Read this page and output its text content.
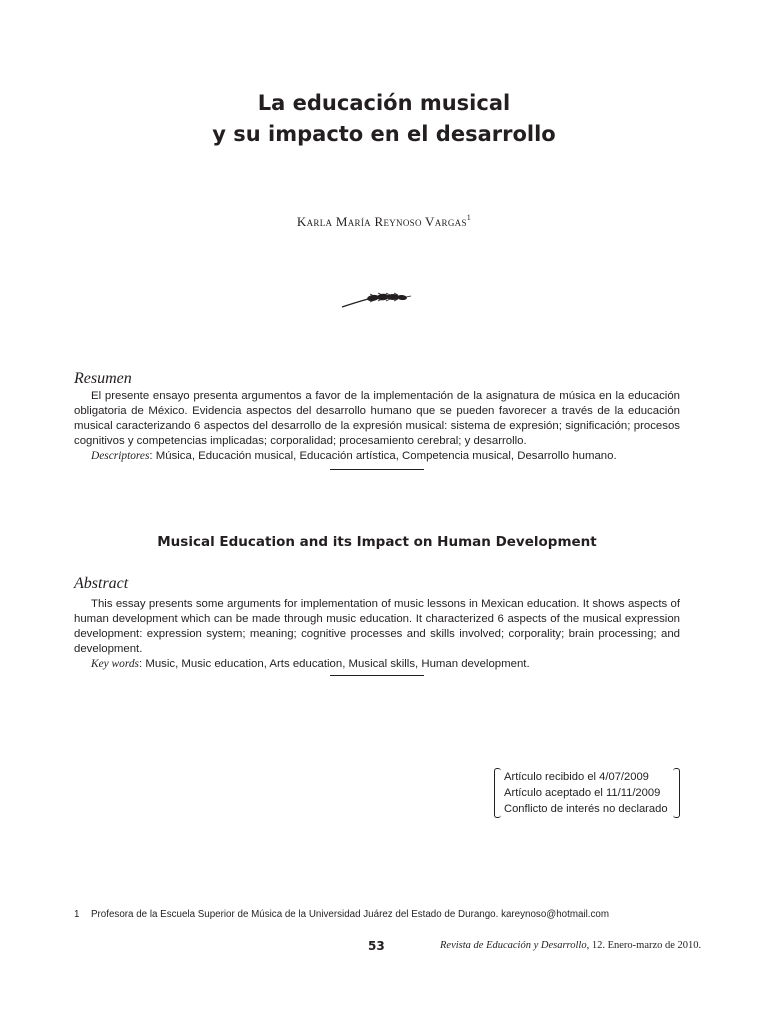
La educación musical
y su impacto en el desarrollo
Karla María Reynoso Vargas$^1$
Resumen

El presente ensayo presenta argumentos a favor de la implementación de la asignatura de música en la educación obligatoria de México. Evidencia aspectos del desarrollo humano que se pueden favorecer a través de la educación musical caracterizando 6 aspectos del desarrollo de la expresión musical: sistema de expresión; significación; procesos cognitivos y competencias implicadas; corporalidad; procesamiento cerebral; y desarrollo.

Descriptores: Música, Educación musical, Educación artística, Competencia musical, Desarrollo humano.

Musical Education and its Impact on Human Development
Abstract

This essay presents some arguments for implementation of music lessons in Mexican education. It shows aspects of human development which can be made through music education. It characterized 6 aspects of the musical expression development: expression system; meaning; cognitive processes and skills involved; corporality; brain processing; and development.

Key words: Music, Music education, Arts education, Musical skills, Human development.

Artículo recibido el 4/07/2009
Artículo aceptado el 11/11/2009
Conflicto de interés no declarado
1 Profesora de la Escuela Superior de Música de la Universidad Juárez del Estado de Durango. kareynoso@hotmail.com
53	Revista de Educación y Desarrollo, 12. Enero-marzo de 2010.
